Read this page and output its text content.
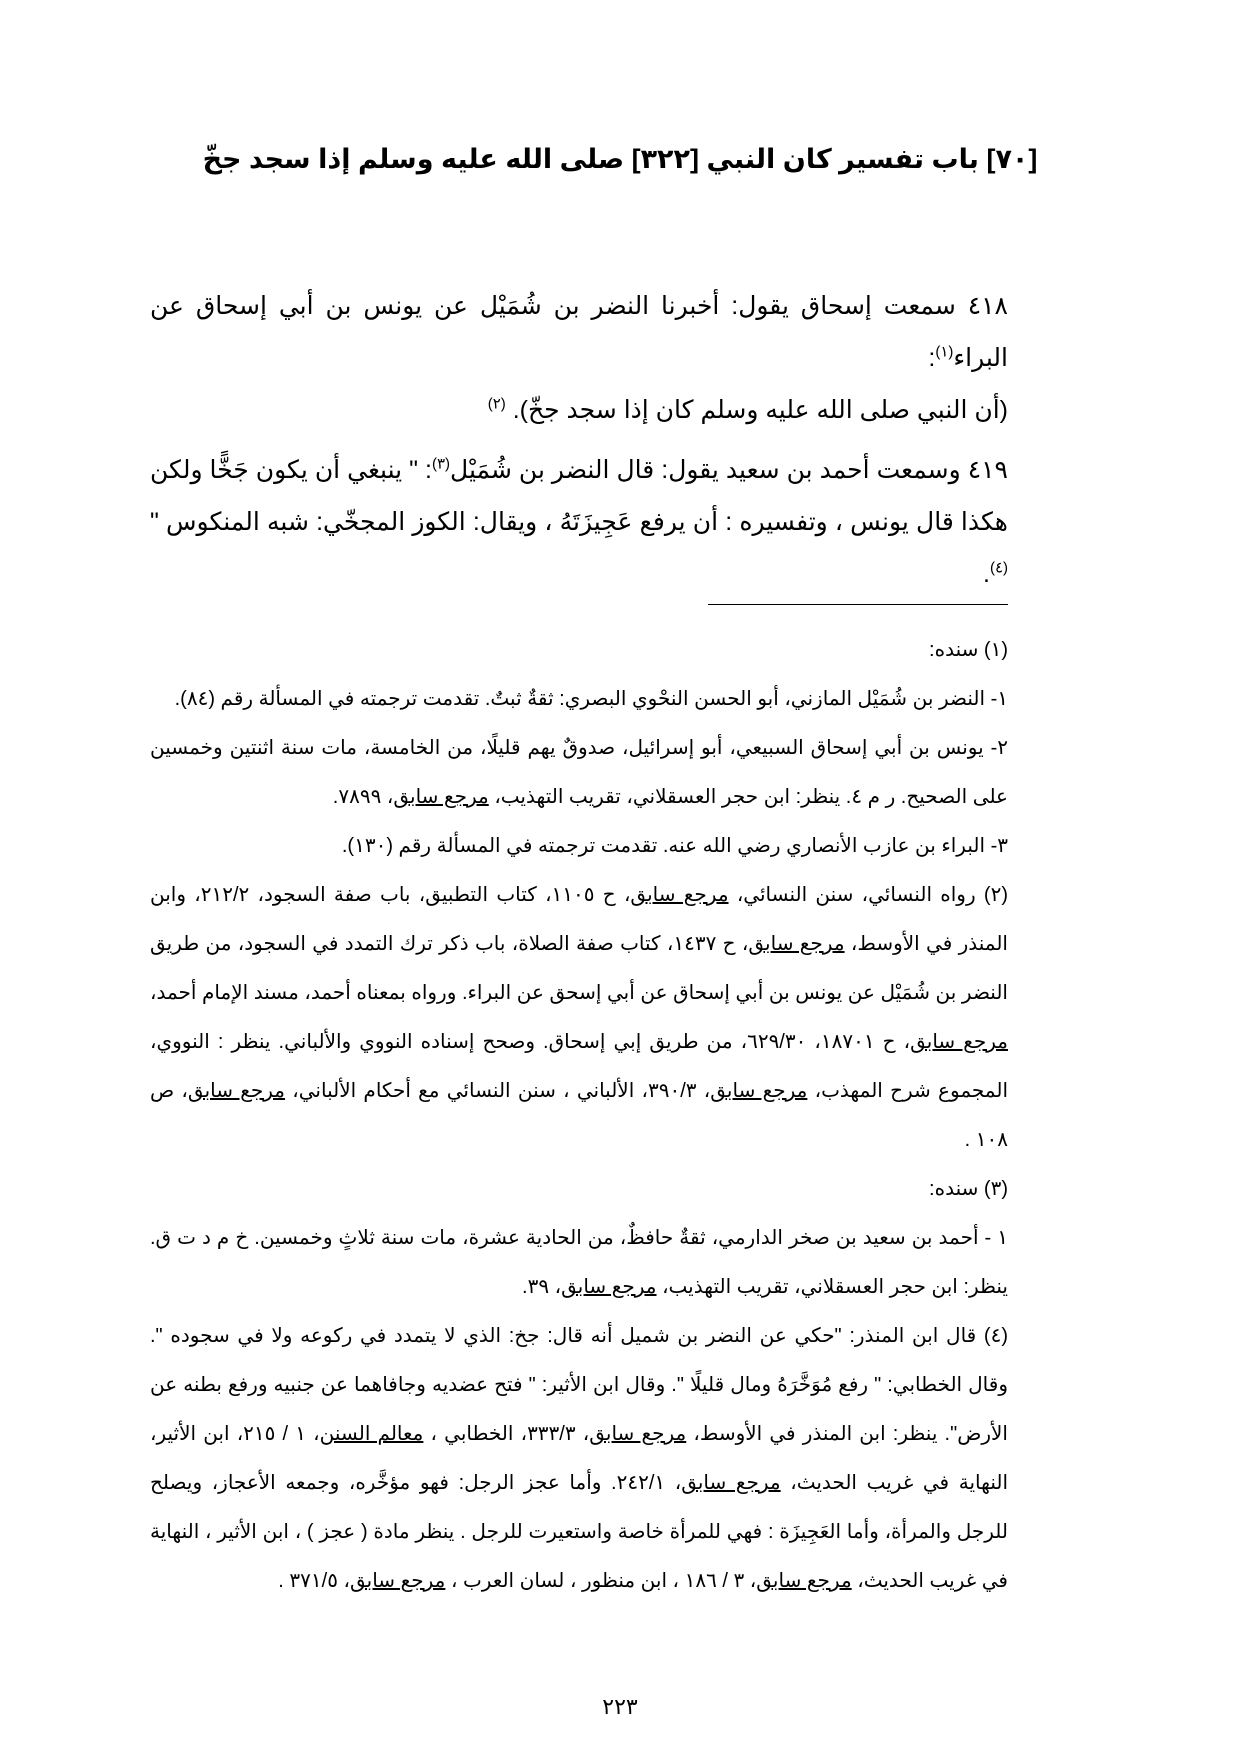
[٧٠] باب تفسير كان النبي [٣٢٢] صلى الله عليه وسلم إذا سجد جخّ

٤١٨ سمعت إسحاق يقول: أخبرنا النضر بن شُمَيْل عن يونس بن أبي إسحاق عن البراء$^{(١)}$:
(أن النبي صلى الله عليه وسلم كان إذا سجد جخّ). $^{(٢)}$

٤١٩ وسمعت أحمد بن سعيد يقول: قال النضر بن شُمَيْل$^{(٣)}$: " ينبغي أن يكون جَخًّا ولكن هكذا قال يونس ، وتفسيره : أن يرفع عَجِيزَتَهُ ، ويقال: الكوز المجخّي: شبه المنكوس "$^{(٤)}$.

(١) سنده:

١- النضر بن شُمَيْل المازني، أبو الحسن النحْوي البصري: ثقةٌ ثبتٌ. تقدمت ترجمته في المسألة رقم (٨٤).

٢- يونس بن أبي إسحاق السبيعي، أبو إسرائيل، صدوقٌ يهم قليلًا، من الخامسة، مات سنة اثنتين وخمسين على الصحيح. ر م ٤. ينظر: ابن حجر العسقلاني، تقريب التهذيب، مرجع سابق، ٧٨٩٩.

٣- البراء بن عازب الأنصاري رضي الله عنه. تقدمت ترجمته في المسألة رقم (١٣٠).

(٢) رواه النسائي، سنن النسائي، مرجع سابق، ح ١١٠٥، كتاب التطبيق، باب صفة السجود، ٢١٢/٢، وابن المنذر في الأوسط، مرجع سابق، ح ١٤٣٧، كتاب صفة الصلاة، باب ذكر ترك التمدد في السجود، من طريق النضر بن شُمَيْل عن يونس بن أبي إسحاق عن أبي إسحق عن البراء. ورواه بمعناه أحمد، مسند الإمام أحمد، مرجع سابق، ح ١٨٧٠١، ٦٢٩/٣٠، من طريق إبي إسحاق. وصحح إسناده النووي والألباني. ينظر : النووي، المجموع شرح المهذب، مرجع سابق، ٣٩٠/٣، الألباني ، سنن النسائي مع أحكام الألباني، مرجع سابق، ص ١٠٨ .

(٣) سنده:

١ - أحمد بن سعيد بن صخر الدارمي، ثقةٌ حافظٌ، من الحادية عشرة، مات سنة ثلاثٍ وخمسين. خ م د ت ق. ينظر: ابن حجر العسقلاني، تقريب التهذيب، مرجع سابق، ٣٩.

(٤) قال ابن المنذر: "حكي عن النضر بن شميل أنه قال: جخ: الذي لا يتمدد في ركوعه ولا في سجوده ". وقال الخطابي: " رفع مُوَخَّرَهُ ومال قليلًا ". وقال ابن الأثير: " فتح عضديه وجافاهما عن جنبيه ورفع بطنه عن الأرض". ينظر: ابن المنذر في الأوسط، مرجع سابق، ٣٣٣/٣، الخطابي ، معالم السنن، ١ / ٢١٥، ابن الأثير، النهاية في غريب الحديث، مرجع سابق، ٢٤٢/١. وأما عجز الرجل: فهو مؤخَّره، وجمعه الأعجاز، ويصلح للرجل والمرأة، وأما العَجِيزَة : فهي للمرأة خاصة واستعيرت للرجل . ينظر مادة ( عجز ) ، ابن الأثير ، النهاية في غريب الحديث، مرجع سابق، ٣ / ١٨٦ ، ابن منظور ، لسان العرب ، مرجع سابق، ٣٧١/٥ .

٢٢٣
